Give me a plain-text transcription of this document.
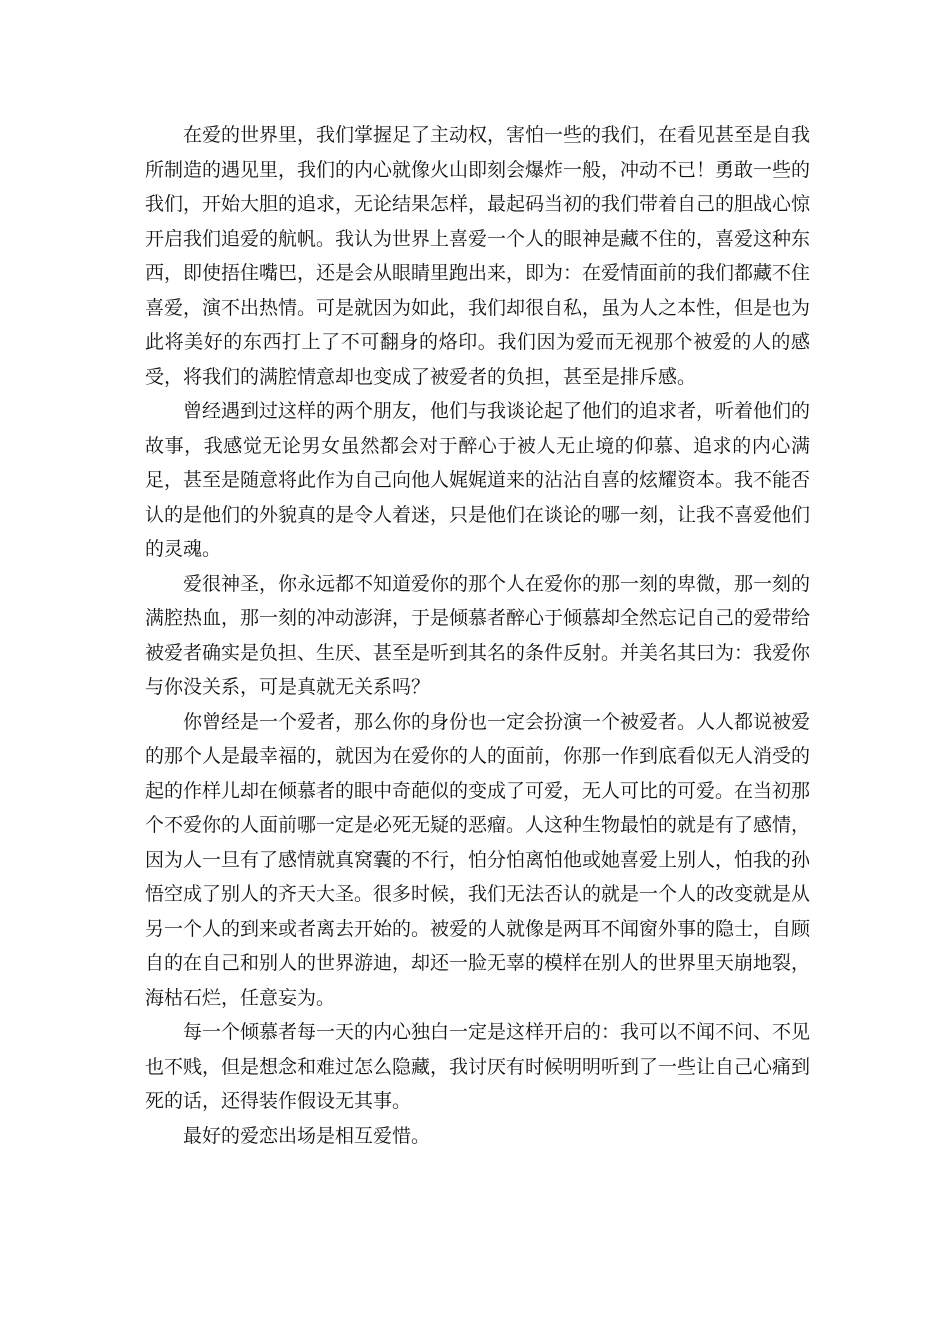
在爱的世界里，我们掌握足了主动权，害怕一些的我们，在看见甚至是自我所制造的遇见里，我们的内心就像火山即刻会爆炸一般，冲动不已！勇敢一些的我们，开始大胆的追求，无论结果怎样，最起码当初的我们带着自己的胆战心惊开启我们追爱的航帆。我认为世界上喜爱一个人的眼神是藏不住的，喜爱这种东西，即使捂住嘴巴，还是会从眼睛里跑出来，即为：在爱情面前的我们都藏不住喜爱，演不出热情。可是就因为如此，我们却很自私，虽为人之本性，但是也为此将美好的东西打上了不可翻身的烙印。我们因为爱而无视那个被爱的人的感受，将我们的满腔情意却也变成了被爱者的负担，甚至是排斥感。

曾经遇到过这样的两个朋友，他们与我谈论起了他们的追求者，听着他们的故事，我感觉无论男女虽然都会对于醉心于被人无止境的仰慕、追求的内心满足，甚至是随意将此作为自己向他人娓娓道来的沾沾自喜的炫耀资本。我不能否认的是他们的外貌真的是令人着迷，只是他们在谈论的哪一刻，让我不喜爱他们的灵魂。

爱很神圣，你永远都不知道爱你的那个人在爱你的那一刻的卑微，那一刻的满腔热血，那一刻的冲动澎湃，于是倾慕者醉心于倾慕却全然忘记自己的爱带给被爱者确实是负担、生厌、甚至是听到其名的条件反射。并美名其曰为：我爱你与你没关系，可是真就无关系吗？

你曾经是一个爱者，那么你的身份也一定会扮演一个被爱者。人人都说被爱的那个人是最幸福的，就因为在爱你的人的面前，你那一作到底看似无人消受的起的作样儿却在倾慕者的眼中奇葩似的变成了可爱，无人可比的可爱。在当初那个不爱你的人面前哪一定是必死无疑的恶瘤。人这种生物最怕的就是有了感情，因为人一旦有了感情就真窝囊的不行，怕分怕离怕他或她喜爱上别人，怕我的孙悟空成了别人的齐天大圣。很多时候，我们无法否认的就是一个人的改变就是从另一个人的到来或者离去开始的。被爱的人就像是两耳不闻窗外事的隐士，自顾自的在自己和别人的世界游迪，却还一脸无辜的模样在别人的世界里天崩地裂，海枯石烂，任意妄为。

每一个倾慕者每一天的内心独白一定是这样开启的：我可以不闻不问、不见也不贱，但是想念和难过怎么隐藏，我讨厌有时候明明听到了一些让自己心痛到死的话，还得装作假设无其事。

最好的爱恋出场是相互爱惜。
